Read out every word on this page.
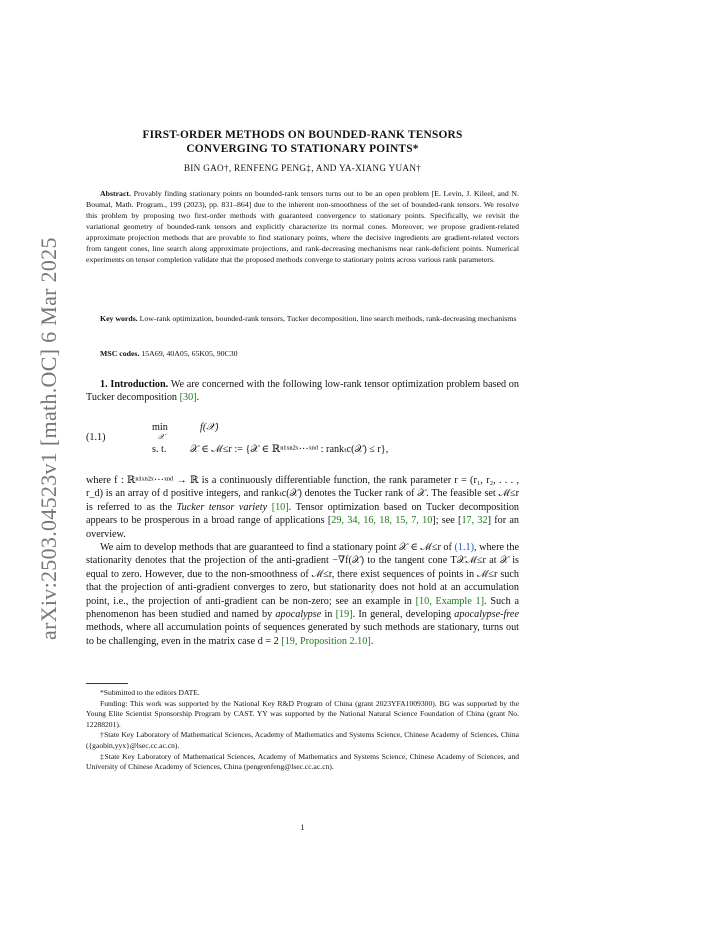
arXiv:2503.04523v1 [math.OC] 6 Mar 2025
FIRST-ORDER METHODS ON BOUNDED-RANK TENSORS
CONVERGING TO STATIONARY POINTS*
BIN GAO†, RENFENG PENG‡, AND YA-XIANG YUAN†

Abstract. Provably finding stationary points on bounded-rank tensors turns out to be an open problem [E. Levin, J. Kileel, and N. Boumal, Math. Program., 199 (2023), pp. 831–864] due to the inherent non-smoothness of the set of bounded-rank tensors. We resolve this problem by proposing two first-order methods with guaranteed convergence to stationary points. Specifically, we revisit the variational geometry of bounded-rank tensors and explicitly characterize its normal cones. Moreover, we propose gradient-related approximate projection methods that are provable to find stationary points, where the decisive ingredients are gradient-related vectors from tangent cones, line search along approximate projections, and rank-decreasing mechanisms near rank-deficient points. Numerical experiments on tensor completion validate that the proposed methods converge to stationary points across various rank parameters.

Key words. Low-rank optimization, bounded-rank tensors, Tucker decomposition, line search methods, rank-decreasing mechanisms

MSC codes. 15A69, 40A05, 65K05, 90C30

1. Introduction. We are concerned with the following low-rank tensor optimization problem based on Tucker decomposition [30].

(1.1)
min
𝒳
f(𝒳)
s. t. 𝒳 ∈ ℳ≤r := {𝒳 ∈ ℝⁿ¹ˣⁿ²ˣ···ˣⁿᵈ : rankₜc(𝒳) ≤ r},

where f : ℝⁿ¹ˣⁿ²ˣ···ˣⁿᵈ → ℝ is a continuously differentiable function, the rank parameter r = (r₁, r₂, . . . , r_d) is an array of d positive integers, and rankₜc(𝒳) denotes the Tucker rank of 𝒳. The feasible set ℳ≤r is referred to as the Tucker tensor variety [10]. Tensor optimization based on Tucker decomposition appears to be prosperous in a broad range of applications [29, 34, 16, 18, 15, 7, 10]; see [17, 32] for an overview.

We aim to develop methods that are guaranteed to find a stationary point 𝒳 ∈ ℳ≤r of (1.1), where the stationarity denotes that the projection of the anti-gradient −∇f(𝒳) to the tangent cone T𝒳ℳ≤r at 𝒳 is equal to zero. However, due to the non-smoothness of ℳ≤r, there exist sequences of points in ℳ≤r such that the projection of anti-gradient converges to zero, but stationarity does not hold at an accumulation point, i.e., the projection of anti-gradient can be non-zero; see an example in [10, Example 1]. Such a phenomenon has been studied and named by apocalypse in [19]. In general, developing apocalypse-free methods, where all accumulation points of sequences generated by such methods are stationary, turns out to be challenging, even in the matrix case d = 2 [19, Proposition 2.10].

*Submitted to the editors DATE.

Funding: This work was supported by the National Key R&D Program of China (grant 2023YFA1009300). BG was supported by the Young Elite Scientist Sponsorship Program by CAST. YY was supported by the National Natural Science Foundation of China (grant No. 12288201).

†State Key Laboratory of Mathematical Sciences, Academy of Mathematics and Systems Science, Chinese Academy of Sciences, China ({gaobin,yyx}@lsec.cc.ac.cn).

‡State Key Laboratory of Mathematical Sciences, Academy of Mathematics and Systems Science, Chinese Academy of Sciences, and University of Chinese Academy of Sciences, China (pengrenfeng@lsec.cc.ac.cn).

1
